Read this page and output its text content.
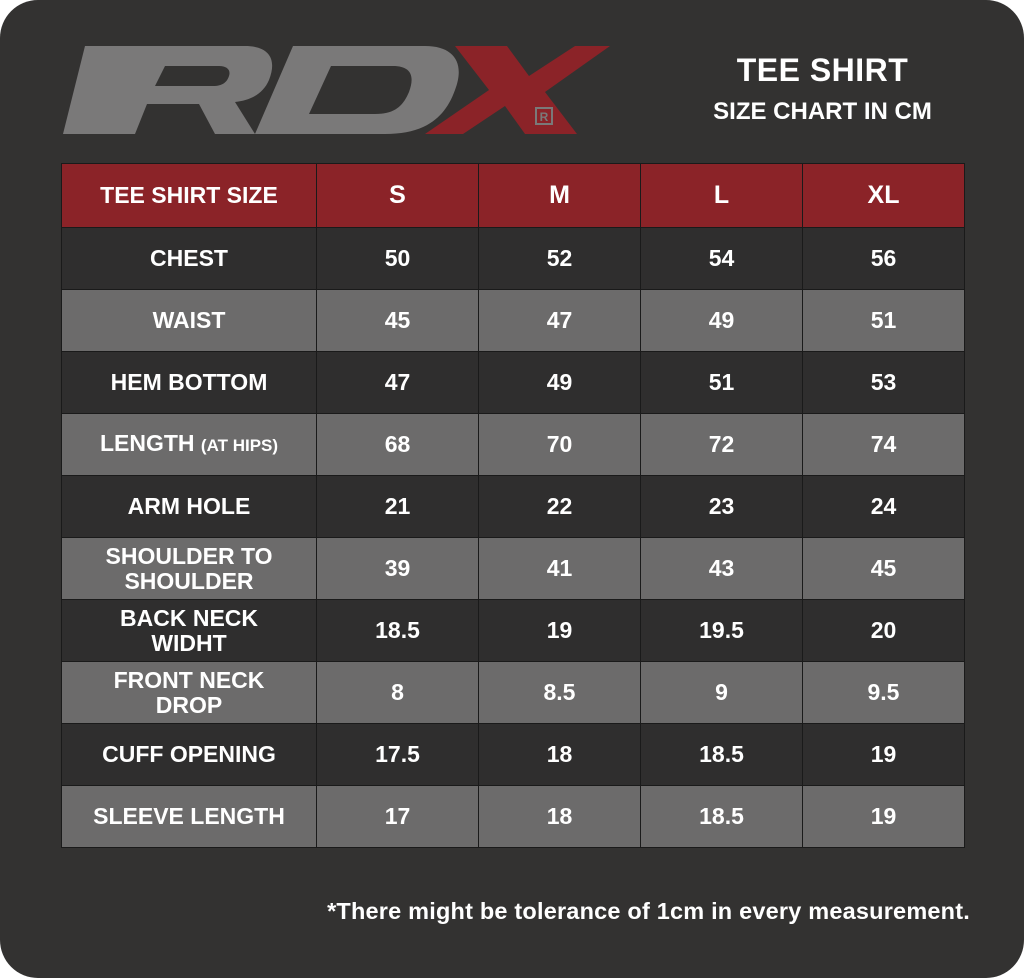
R
TEE SHIRT
SIZE CHART IN CM
TEE SHIRT SIZE	S	M	L	XL
CHEST	50	52	54	56
WAIST	45	47	49	51
HEM BOTTOM	47	49	51	53
LENGTH (AT HIPS)	68	70	72	74
ARM HOLE	21	22	23	24
SHOULDER TO SHOULDER	39	41	43	45
BACK NECK WIDHT	18.5	19	19.5	20
FRONT NECK DROP	8	8.5	9	9.5
CUFF OPENING	17.5	18	18.5	19
SLEEVE LENGTH	17	18	18.5	19
*There might be tolerance of 1cm in every measurement.
